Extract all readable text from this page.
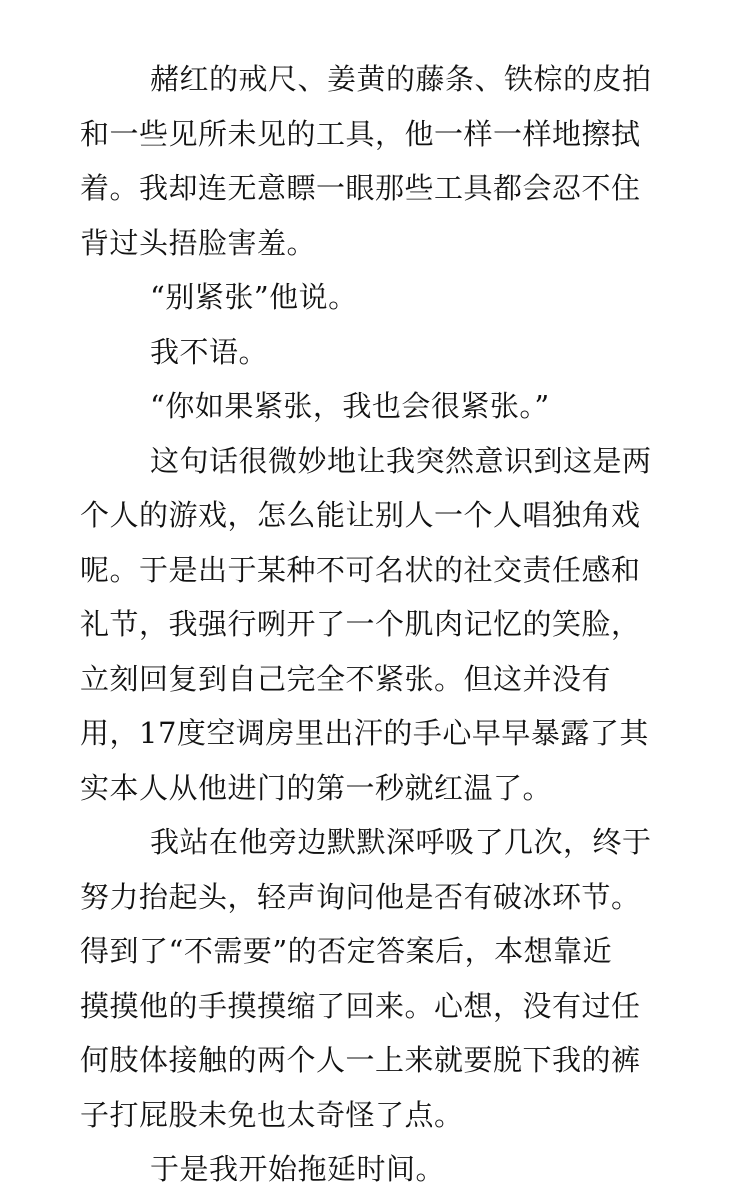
赭红的戒尺、姜黄的藤条、铁棕的皮拍
和一些见所未见的工具，他一样一样地擦拭
着。我却连无意瞟一眼那些工具都会忍不住
背过头捂脸害羞。
“别紧张”他说。
我不语。
“你如果紧张，我也会很紧张。”
这句话很微妙地让我突然意识到这是两
个人的游戏，怎么能让别人一个人唱独角戏
呢。于是出于某种不可名状的社交责任感和
礼节，我强行咧开了一个肌肉记忆的笑脸，
立刻回复到自己完全不紧张。但这并没有
用，17度空调房里出汗的手心早早暴露了其
实本人从他进门的第一秒就红温了。
我站在他旁边默默深呼吸了几次，终于
努力抬起头，轻声询问他是否有破冰环节。
得到了“不需要”的否定答案后，本想靠近
摸摸他的手摸摸缩了回来。心想，没有过任
何肢体接触的两个人一上来就要脱下我的裤
子打屁股未免也太奇怪了点。
于是我开始拖延时间。
